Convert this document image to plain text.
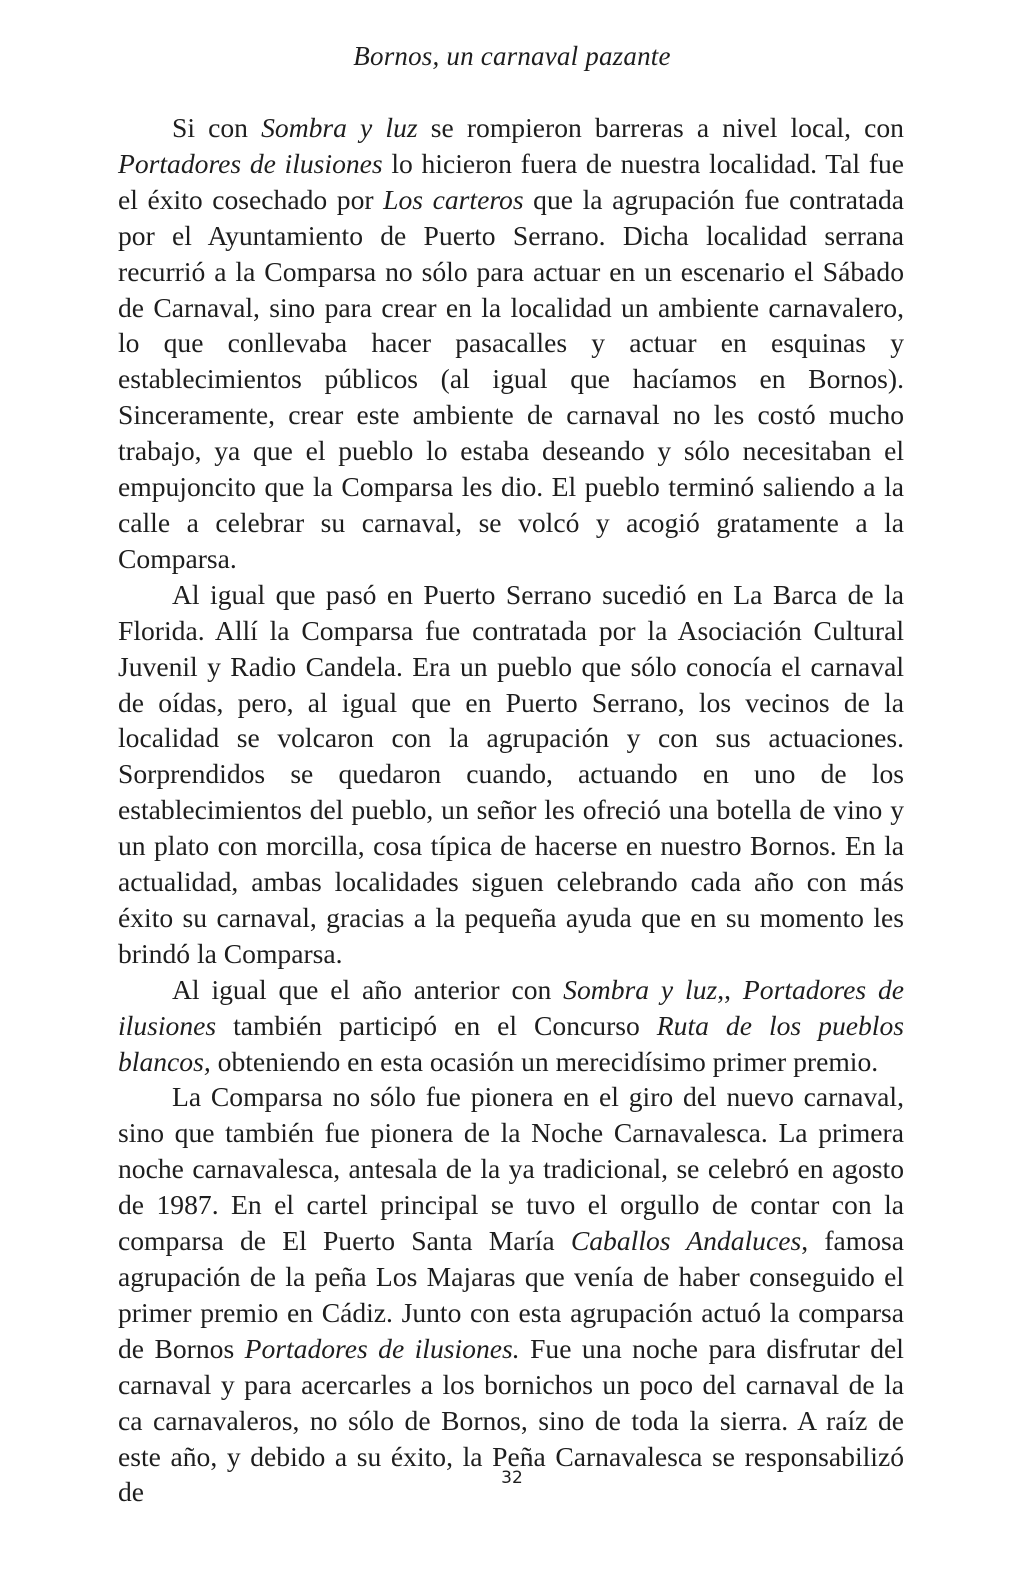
Bornos, un carnaval pazante

Si con Sombra y luz se rompieron barreras a nivel local, con Portadores de ilusiones lo hicieron fuera de nuestra localidad. Tal fue el éxito cosechado por Los carteros que la agrupación fue contratada por el Ayuntamiento de Puerto Serrano. Dicha localidad serrana recurrió a la Comparsa no sólo para actuar en un escenario el Sábado de Carnaval, sino para crear en la localidad un ambiente carnavalero, lo que conllevaba hacer pasacalles y actuar en esquinas y establecimientos públicos (al igual que hacíamos en Bornos). Sinceramente, crear este ambiente de carnaval no les costó mucho trabajo, ya que el pueblo lo estaba deseando y sólo necesitaban el empujoncito que la Comparsa les dio. El pueblo terminó saliendo a la calle a celebrar su carnaval, se volcó y acogió gratamente a la Comparsa.

Al igual que pasó en Puerto Serrano sucedió en La Barca de la Florida. Allí la Comparsa fue contratada por la Asociación Cultural Juvenil y Radio Candela. Era un pueblo que sólo conocía el carnaval de oídas, pero, al igual que en Puerto Serrano, los vecinos de la localidad se volcaron con la agrupación y con sus actuaciones. Sorprendidos se quedaron cuando, actuando en uno de los establecimientos del pueblo, un señor les ofreció una botella de vino y un plato con morcilla, cosa típica de hacerse en nuestro Bornos. En la actualidad, ambas localidades siguen celebrando cada año con más éxito su carnaval, gracias a la pequeña ayuda que en su momento les brindó la Comparsa.

Al igual que el año anterior con Sombra y luz,, Portadores de ilusiones también participó en el Concurso Ruta de los pueblos blancos, obteniendo en esta ocasión un merecidísimo primer premio.

La Comparsa no sólo fue pionera en el giro del nuevo carnaval, sino que también fue pionera de la Noche Carnavalesca. La primera noche carnavalesca, antesala de la ya tradicional, se celebró en agosto de 1987. En el cartel principal se tuvo el orgullo de contar con la comparsa de El Puerto Santa María Caballos Andaluces, famosa agrupación de la peña Los Majaras que venía de haber conseguido el primer premio en Cádiz. Junto con esta agrupación actuó la comparsa de Bornos Portadores de ilusiones. Fue una noche para disfrutar del carnaval y para acercarles a los bornichos un poco del carnaval de la ca carnavaleros, no sólo de Bornos, sino de toda la sierra. A raíz de este año, y debido a su éxito, la Peña Carnavalesca se responsabilizó de	32
